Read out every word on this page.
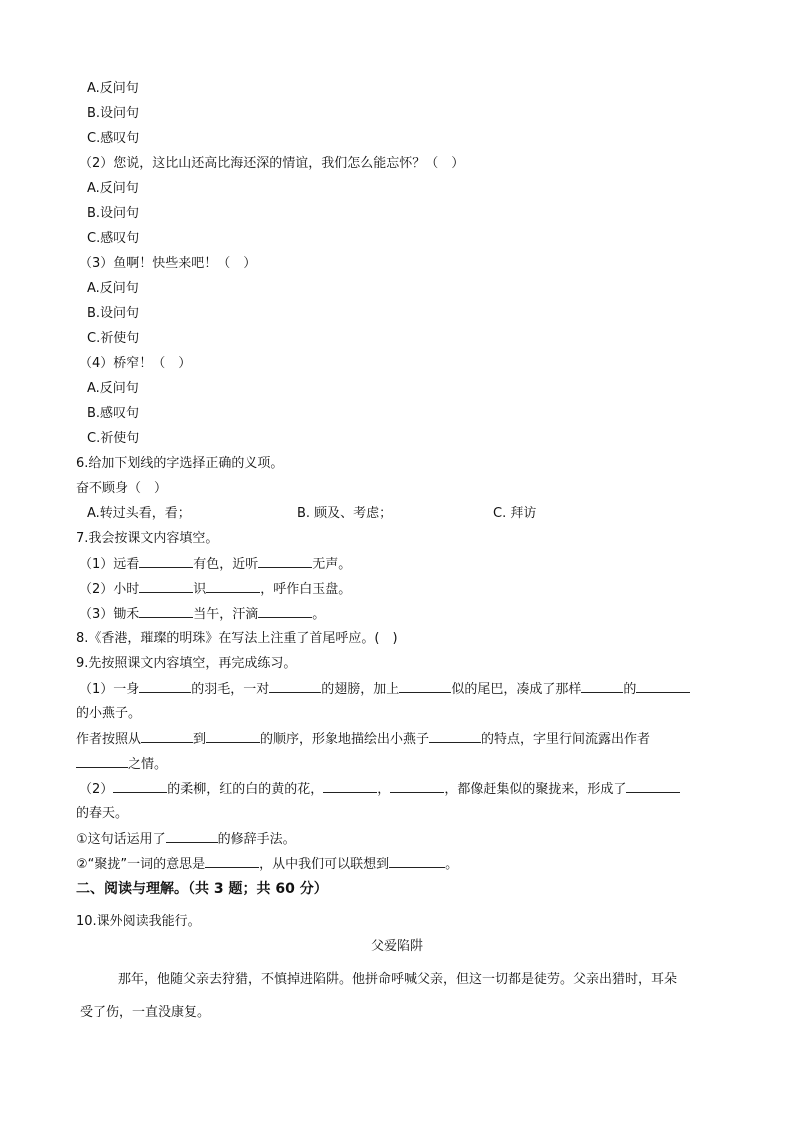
A.反问句
B.设问句
C.感叹句
（2）您说，这比山还高比海还深的情谊，我们怎么能忘怀？（　）
A.反问句
B.设问句
C.感叹句
（3）鱼啊！快些来吧！（　）
A.反问句
B.设问句
C.祈使句
（4）桥窄！（　）
A.反问句
B.感叹句
C.祈使句
6.给加下划线的字选择正确的义项。
奋不顾身（　）
A.转过头看，看；	B. 顾及、考虑；	C. 拜访
7.我会按课文内容填空。
（1）远看	有色，近听	无声。
（2）小时	识	，呼作白玉盘。
（3）锄禾	当午，汗滴	。
8.《香港，璀璨的明珠》在写法上注重了首尾呼应。(　)
9.先按照课文内容填空，再完成练习。
（1）一身	的羽毛，一对	的翅膀，加上	似的尾巴，凑成了那样	的
的小燕子。
作者按照从	到	的顺序，形象地描绘出小燕子	的特点，字里行间流露出作者
之情。
（2）	的柔柳，红的白的黄的花，	，	，都像赶集似的聚拢来，形成了
的春天。
①这句话运用了	的修辞手法。
②“聚拢”一词的意思是	，从中我们可以联想到	。
二、阅读与理解。（共 3 题；共 60 分）
10.课外阅读我能行。
父爱陷阱
那年，他随父亲去狩猎，不慎掉进陷阱。他拼命呼喊父亲，但这一切都是徒劳。父亲出猎时，耳朵
受了伤，一直没康复。
